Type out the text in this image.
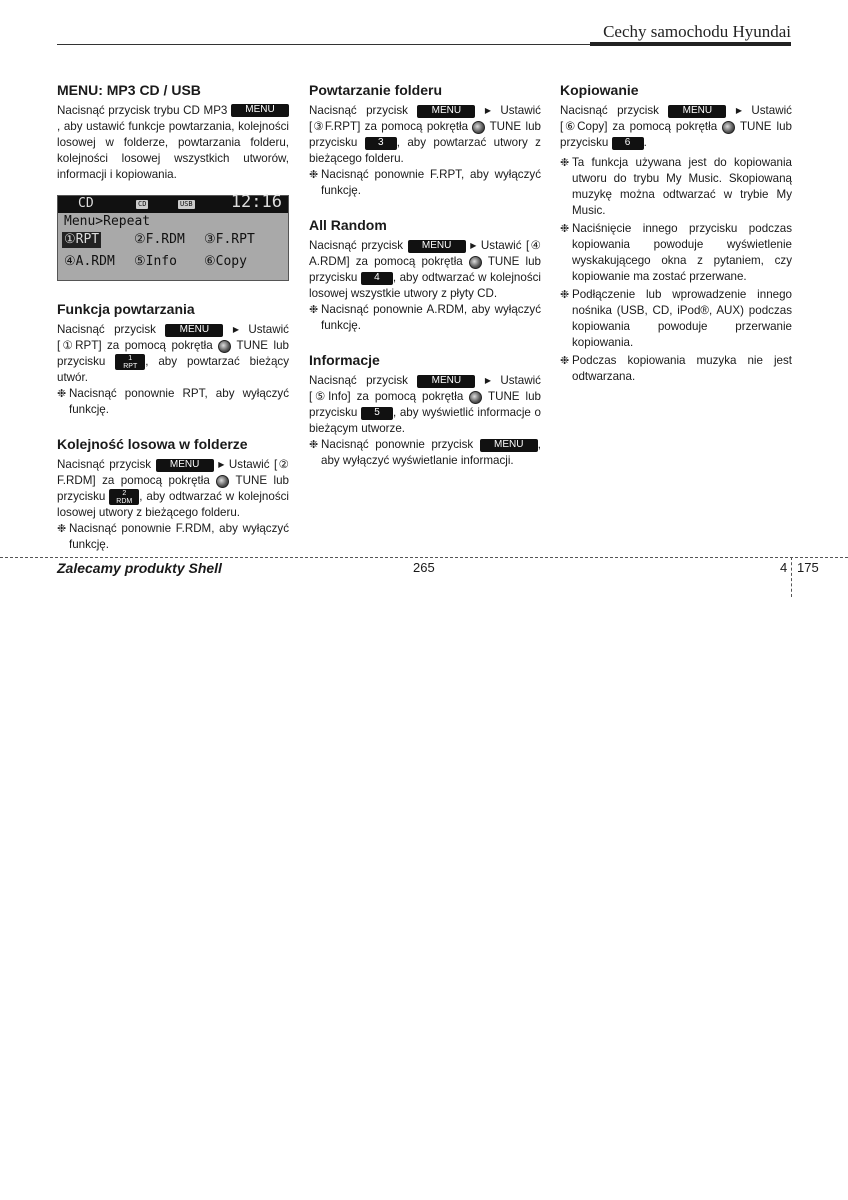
Cechy samochodu Hyundai
MENU: MP3 CD / USB

Nacisnąć przycisk trybu CD MP3 MENU, aby ustawić funkcje powtarzania, kolejności losowej w folderze, powtarzania folderu, kolejności losowej wszystkich utworów, informacji i kopiowania.

CD	CD	USB 12:16
Menu>Repeat
①RPT	②F.RDM ③F.RPT
④A.RDM ⑤Info ⑥Copy
Funkcja powtarzania

Nacisnąć przycisk MENU	▶ Ustawić [①RPT] za pomocą pokrętła TUNE lub przycisku	1
RPT , aby powtarzać bieżący utwór.

❉ Nacisnąć ponownie RPT, aby wyłączyć funkcję.
Kolejność losowa w folderze

Nacisnąć przycisk MENU ▶ Ustawić [② F.RDM] za pomocą pokrętła TUNE lub przycisku 2
RDM , aby odtwarzać w kolejności losowej utwory z bieżącego folderu.

❉ Nacisnąć ponownie F.RDM, aby wyłączyć funkcję.
Powtarzanie folderu

Nacisnąć przycisk MENU	▶ Ustawić [③F.RPT] za pomocą pokrętła TUNE lub przycisku 3 , aby powtarzać utwory z bieżącego folderu.

❉ Nacisnąć ponownie F.RPT, aby wyłączyć funkcję.
All Random

Nacisnąć przycisk MENU ▶ Ustawić [④ A.RDM] za pomocą pokrętła TUNE lub przycisku 4 , aby odtwarzać w kolejności losowej wszystkie utwory z płyty CD.

❉ Nacisnąć ponownie A.RDM, aby wyłączyć funkcję.
Informacje

Nacisnąć przycisk MENU	▶ Ustawić [⑤Info] za pomocą pokrętła TUNE lub przycisku 5 , aby wyświetlić informacje o bieżącym utworze.

❉ Nacisnąć ponownie przycisk MENU , aby wyłączyć wyświetlanie informacji.
Kopiowanie

Nacisnąć przycisk MENU	▶ Ustawić [⑥Copy] za pomocą pokrętła TUNE lub przycisku 6 .

❉ Ta funkcja używana jest do kopiowania utworu do trybu My Music. Skopiowaną muzykę można odtwarzać w trybie My Music.
❉ Naciśnięcie innego przycisku podczas kopiowania powoduje wyświetlenie wyskakującego okna z pytaniem, czy kopiowanie ma zostać przerwane.
❉ Podłączenie lub wprowadzenie innego nośnika (USB, CD, iPod®, AUX) podczas kopiowania powoduje przerwanie kopiowania.
❉ Podczas kopiowania muzyka nie jest odtwarzana.
Zalecamy produkty Shell	265	4 175
